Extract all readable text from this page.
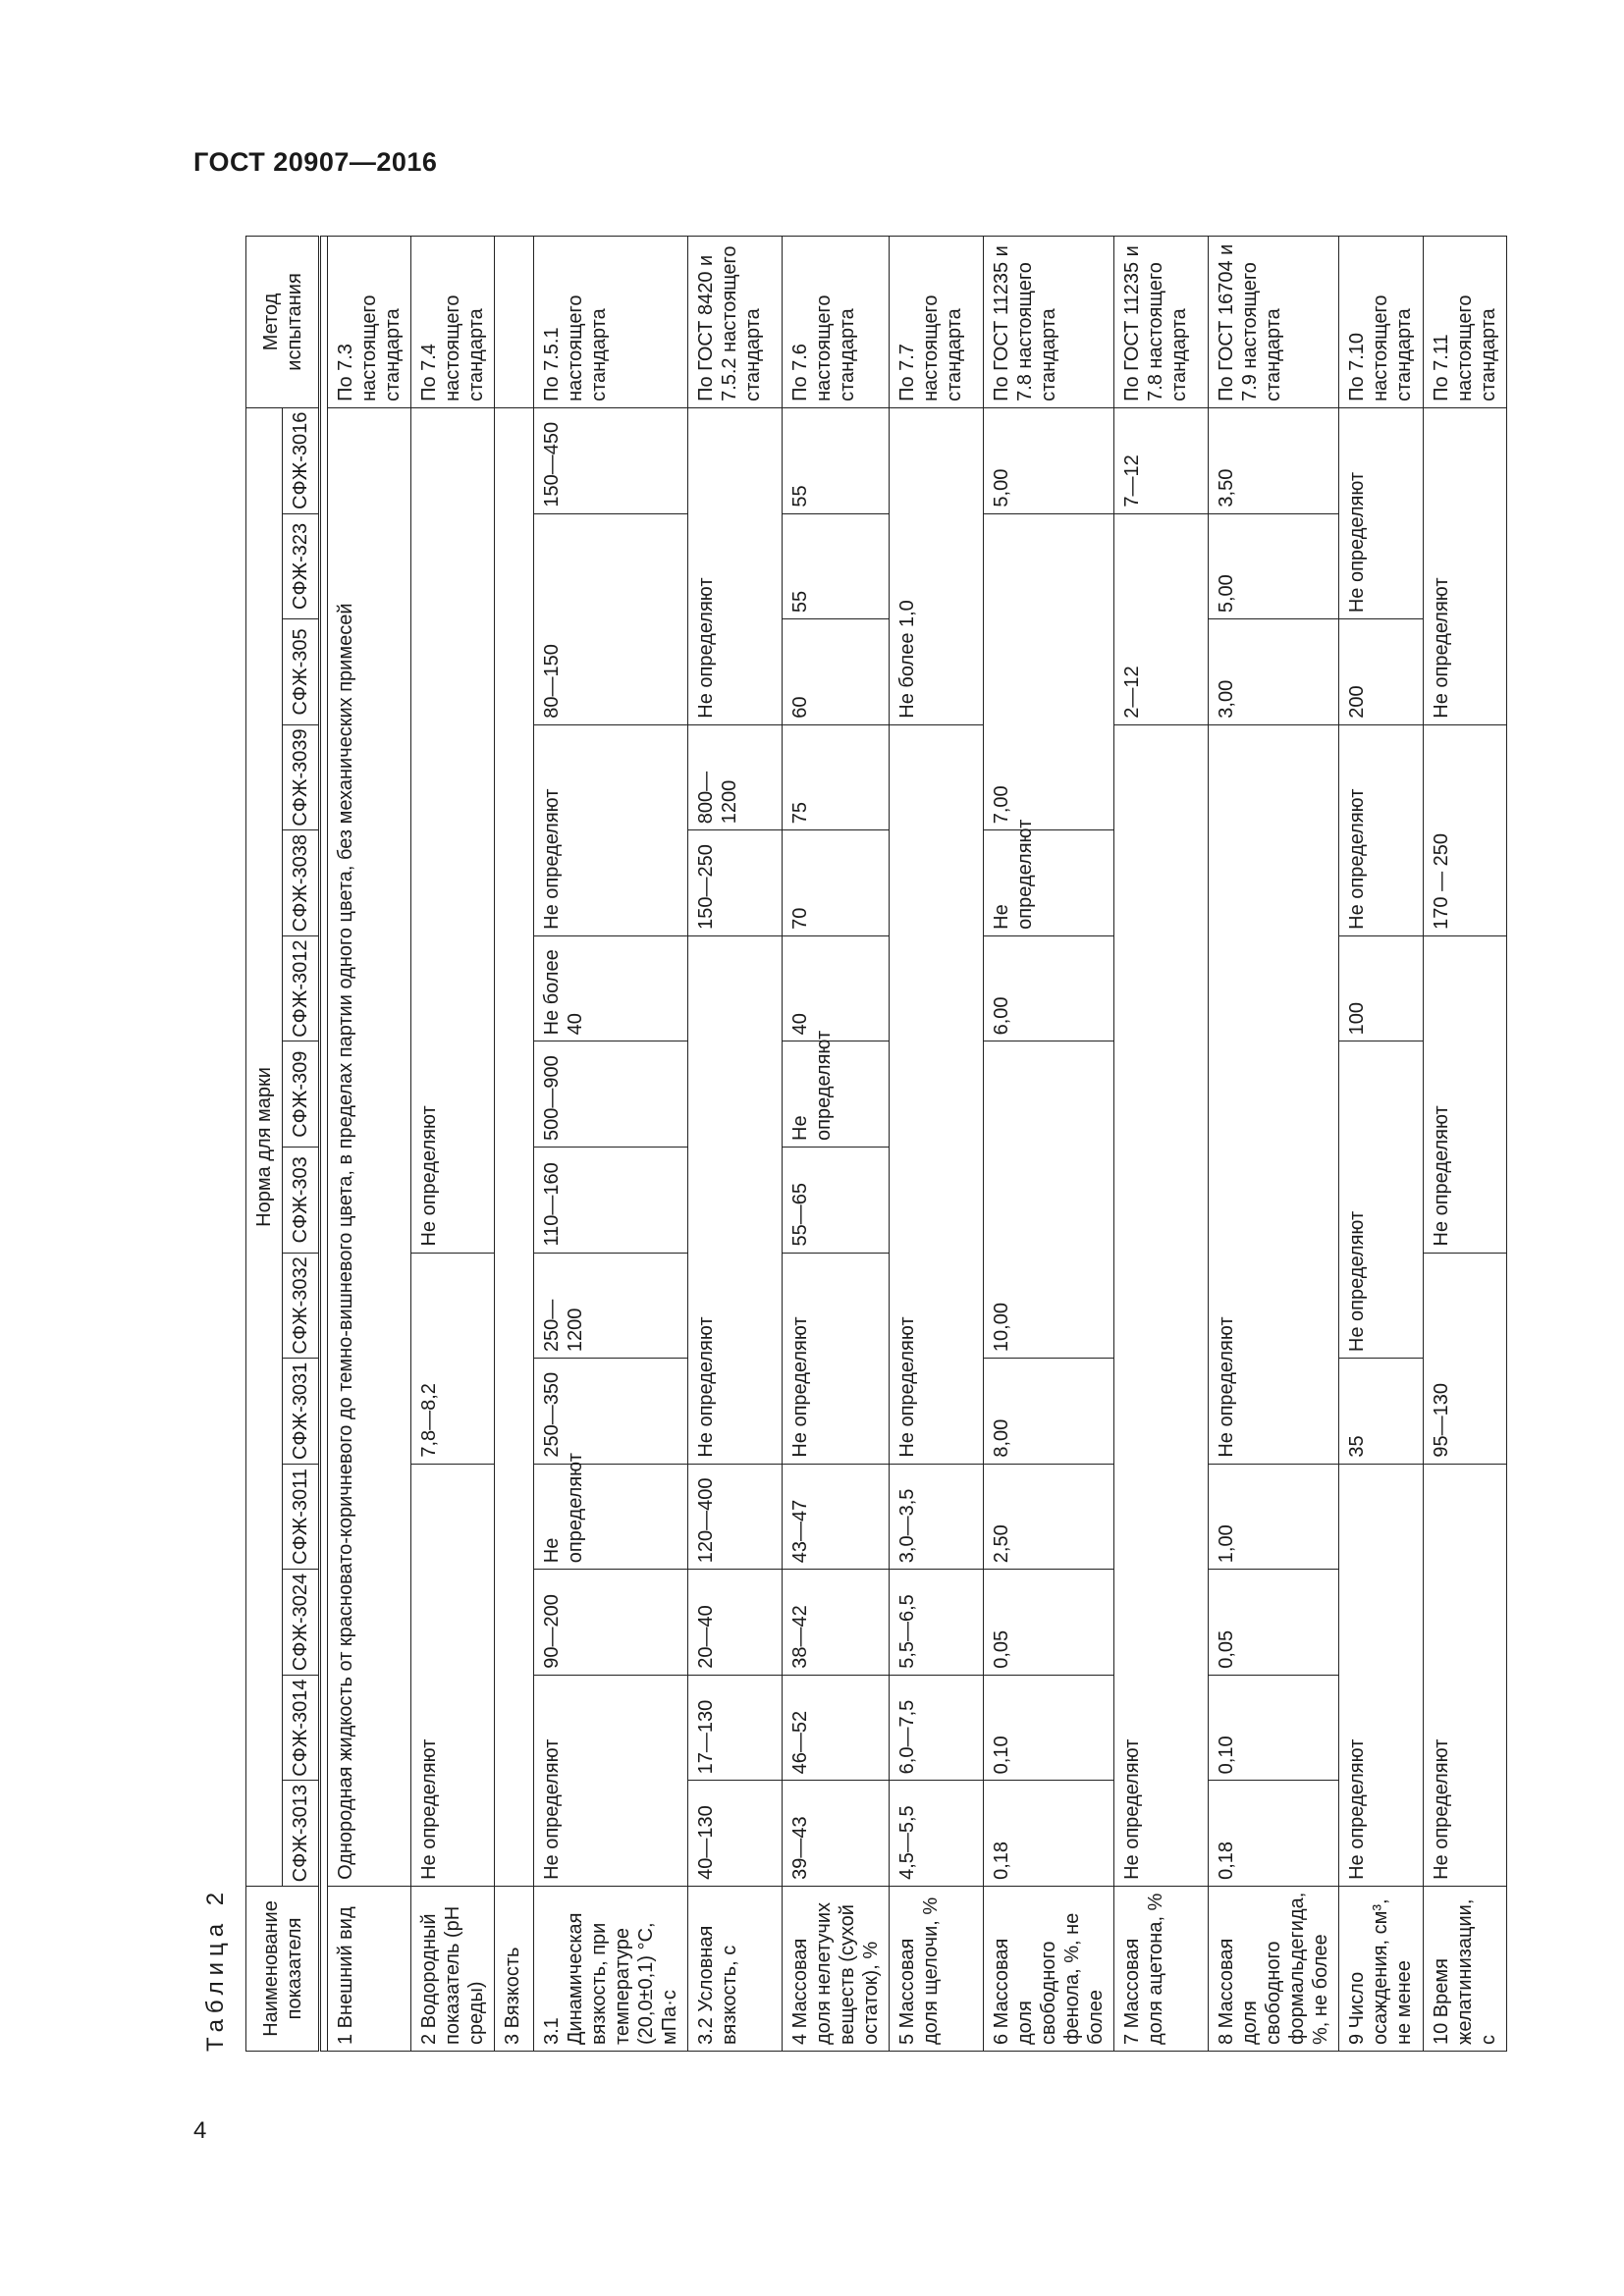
ГОСТ 20907—2016
Таблица 2	Наименование показателя	Норма для марки														Метод испытания
	СФЖ-3013	СФЖ-3014	СФЖ-3024	СФЖ-3011	СФЖ-3031	СФЖ-3032	СФЖ-303	СФЖ-309	СФЖ-3012	СФЖ-3038	СФЖ-3039	СФЖ-305	СФЖ-323	СФЖ-3016	

1 Внешний вид	Однородная жидкость от красновато-коричневого до темно-вишневого цвета, в пределах партии одного цвета, без механических примесей														По 7.3 настоящего стандарта
2 Водородный показатель (pH среды)	Не определяют				7,8—8,2		Не определяют								По 7.4 настоящего стандарта
3 Вязкость															
3.1 Динамическая вязкость, при температуре (20,0±0,1) °С, мПа·с	Не определяют		90—200	Не определяют	250—350	250—1200	110—160	500—900	Не более 40	Не определяют		80—150		150—450	По 7.5.1 настоящего стандарта
3.2 Условная вязкость, с	40—130	17—130	20—40	120—400	Не определяют					150—250	800—1200	Не определяют			По ГОСТ 8420 и 7.5.2 настоящего стандарта
4 Массовая доля нелетучих веществ (сухой остаток), %	39—43	46—52	38—42	43—47	Не определяют		55—65	Не определяют	40	70	75	60	55	55	По 7.6 настоящего стандарта
5 Массовая доля щелочи, %	4,5—5,5	6,0—7,5	5,5—6,5	3,0—3,5	Не определяют							Не более 1,0			По 7.7 настоящего стандарта
6 Массовая доля свободного фенола, %, не более	0,18	0,10	0,05	2,50	8,00	10,00			6,00	Не определяют	7,00			5,00	По ГОСТ 11235 и 7.8 настоящего стандарта
7 Массовая доля ацетона, %	Не определяют											2—12		7—12	По ГОСТ 11235 и 7.8 настоящего стандарта
8 Массовая доля свободного формальдегида, %, не более	0,18	0,10	0,05	1,00	Не определяют							3,00	5,00	3,50	По ГОСТ 16704 и 7.9 настоящего стандарта
9 Число осаждения, см³, не менее	Не определяют				35	Не определяют			100	Не определяют		200	Не определяют		По 7.10 настоящего стандарта
10 Время желатинизации, с	Не определяют				95—130		Не определяют			170 — 250		Не определяют			По 7.11 настоящего стандарта
4
